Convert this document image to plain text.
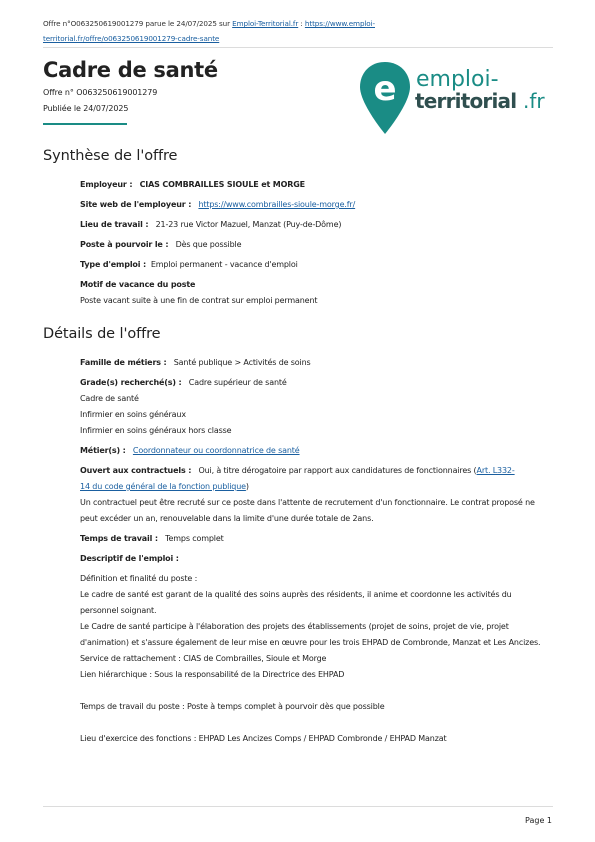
Offre n°O063250619001279 parue le 24/07/2025 sur Emploi-Territorial.fr : https://www.emploi-
territorial.fr/offre/o063250619001279-cadre-sante
Cadre de santé
Offre n° O063250619001279
Publiée le 24/07/2025	e emploi-
territorial .fr
Synthèse de l'offre
Employeur : CIAS COMBRAILLES SIOULE et MORGE
Site web de l'employeur : https://www.combrailles-sioule-morge.fr/
Lieu de travail : 21-23 rue Victor Mazuel, Manzat (Puy-de-Dôme)
Poste à pourvoir le : Dès que possible
Type d'emploi : Emploi permanent - vacance d'emploi
Motif de vacance du poste
Poste vacant suite à une fin de contrat sur emploi permanent
Détails de l'offre
Famille de métiers : Santé publique > Activités de soins
Grade(s) recherché(s) : Cadre supérieur de santé
Cadre de santé
Infirmier en soins généraux
Infirmier en soins généraux hors classe
Métier(s) : Coordonnateur ou coordonnatrice de santé
Ouvert aux contractuels : Oui, à titre dérogatoire par rapport aux candidatures de fonctionnaires (Art. L332-
14 du code général de la fonction publique)
Un contractuel peut être recruté sur ce poste dans l'attente de recrutement d'un fonctionnaire. Le contrat proposé ne peut excéder un an, renouvelable dans la limite d'une durée totale de 2ans.
Temps de travail : Temps complet
Descriptif de l'emploi :
Définition et finalité du poste :
Le cadre de santé est garant de la qualité des soins auprès des résidents, il anime et coordonne les activités du personnel soignant.
Le Cadre de santé participe à l'élaboration des projets des établissements (projet de soins, projet de vie, projet d'animation) et s'assure également de leur mise en œuvre pour les trois EHPAD de Combronde, Manzat et Les Ancizes.
Service de rattachement : CIAS de Combrailles, Sioule et Morge
Lien hiérarchique : Sous la responsabilité de la Directrice des EHPAD
Temps de travail du poste : Poste à temps complet à pourvoir dès que possible
Lieu d'exercice des fonctions : EHPAD Les Ancizes Comps / EHPAD Combronde / EHPAD Manzat
Page 1
